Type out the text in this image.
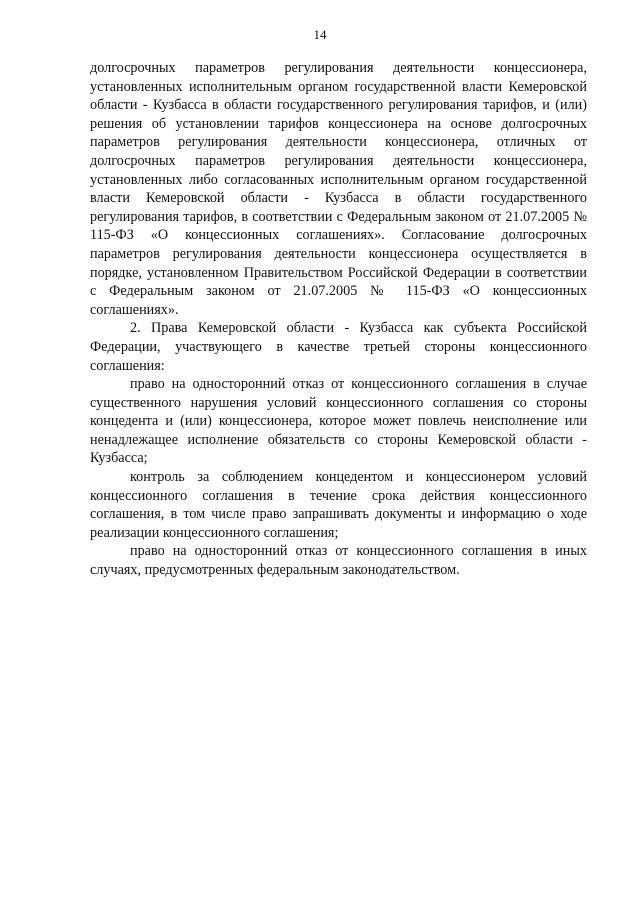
14

долгосрочных параметров регулирования деятельности концессионера, установленных исполнительным органом государственной власти Кемеровской области - Кузбасса в области государственного регулирования тарифов, и (или) решения об установлении тарифов концессионера на основе долгосрочных параметров регулирования деятельности концессионера, отличных от долгосрочных параметров регулирования деятельности концессионера, установленных либо согласованных исполнительным органом государственной власти Кемеровской области - Кузбасса в области государственного регулирования тарифов, в соответствии с Федеральным законом от 21.07.2005 № 115-ФЗ «О концессионных соглашениях». Согласование долгосрочных параметров регулирования деятельности концессионера осуществляется в порядке, установленном Правительством Российской Федерации в соответствии с Федеральным законом от 21.07.2005 № 115-ФЗ «О концессионных соглашениях».

2. Права Кемеровской области - Кузбасса как субъекта Российской Федерации, участвующего в качестве третьей стороны концессионного соглашения:

право на односторонний отказ от концессионного соглашения в случае существенного нарушения условий концессионного соглашения со стороны концедента и (или) концессионера, которое может повлечь неисполнение или ненадлежащее исполнение обязательств со стороны Кемеровской области - Кузбасса;

контроль за соблюдением концедентом и концессионером условий концессионного соглашения в течение срока действия концессионного соглашения, в том числе право запрашивать документы и информацию о ходе реализации концессионного соглашения;

право на односторонний отказ от концессионного соглашения в иных случаях, предусмотренных федеральным законодательством.
